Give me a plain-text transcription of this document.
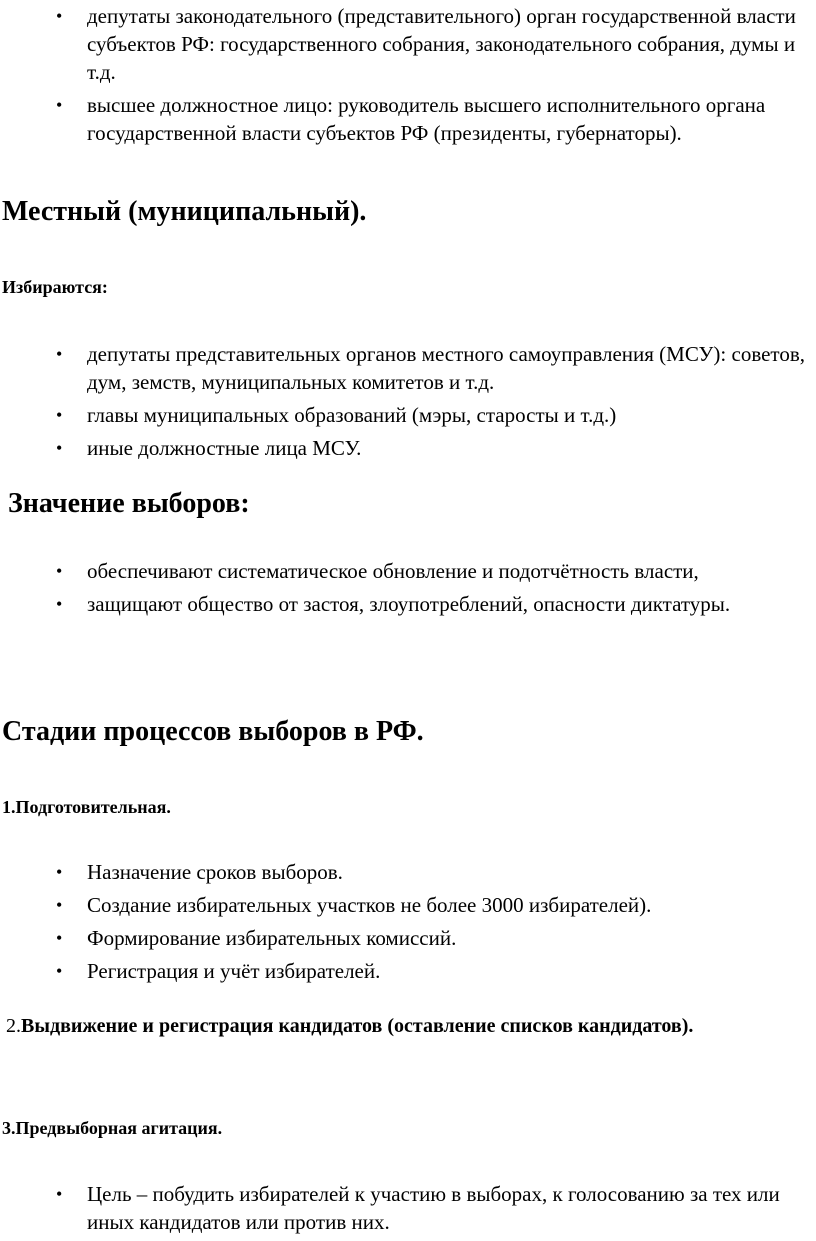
• депутаты законодательного (представительного) орган государственной власти субъектов РФ: государственного собрания, законодательного собрания, думы и т.д.
• высшее должностное лицо: руководитель высшего исполнительного органа государственной власти субъектов РФ (президенты, губернаторы).
Местный (муниципальный).
Избираются:
• депутаты представительных органов местного самоуправления (МСУ): советов, дум, земств, муниципальных комитетов и т.д.
• главы муниципальных образований (мэры, старосты и т.д.)
• иные должностные лица МСУ.
Значение выборов:
• обеспечивают систематическое обновление и подотчётность власти,
• защищают общество от застоя, злоупотреблений, опасности диктатуры.
Стадии процессов выборов в РФ.
1.Подготовительная.
• Назначение сроков выборов.
• Создание избирательных участков не более 3000 избирателей).
• Формирование избирательных комиссий.
• Регистрация и учёт избирателей.

2.Выдвижение и регистрация кандидатов (оставление списков кандидатов).

3.Предвыборная агитация.
• Цель – побудить избирателей к участию в выборах, к голосованию за тех или иных кандидатов или против них.
